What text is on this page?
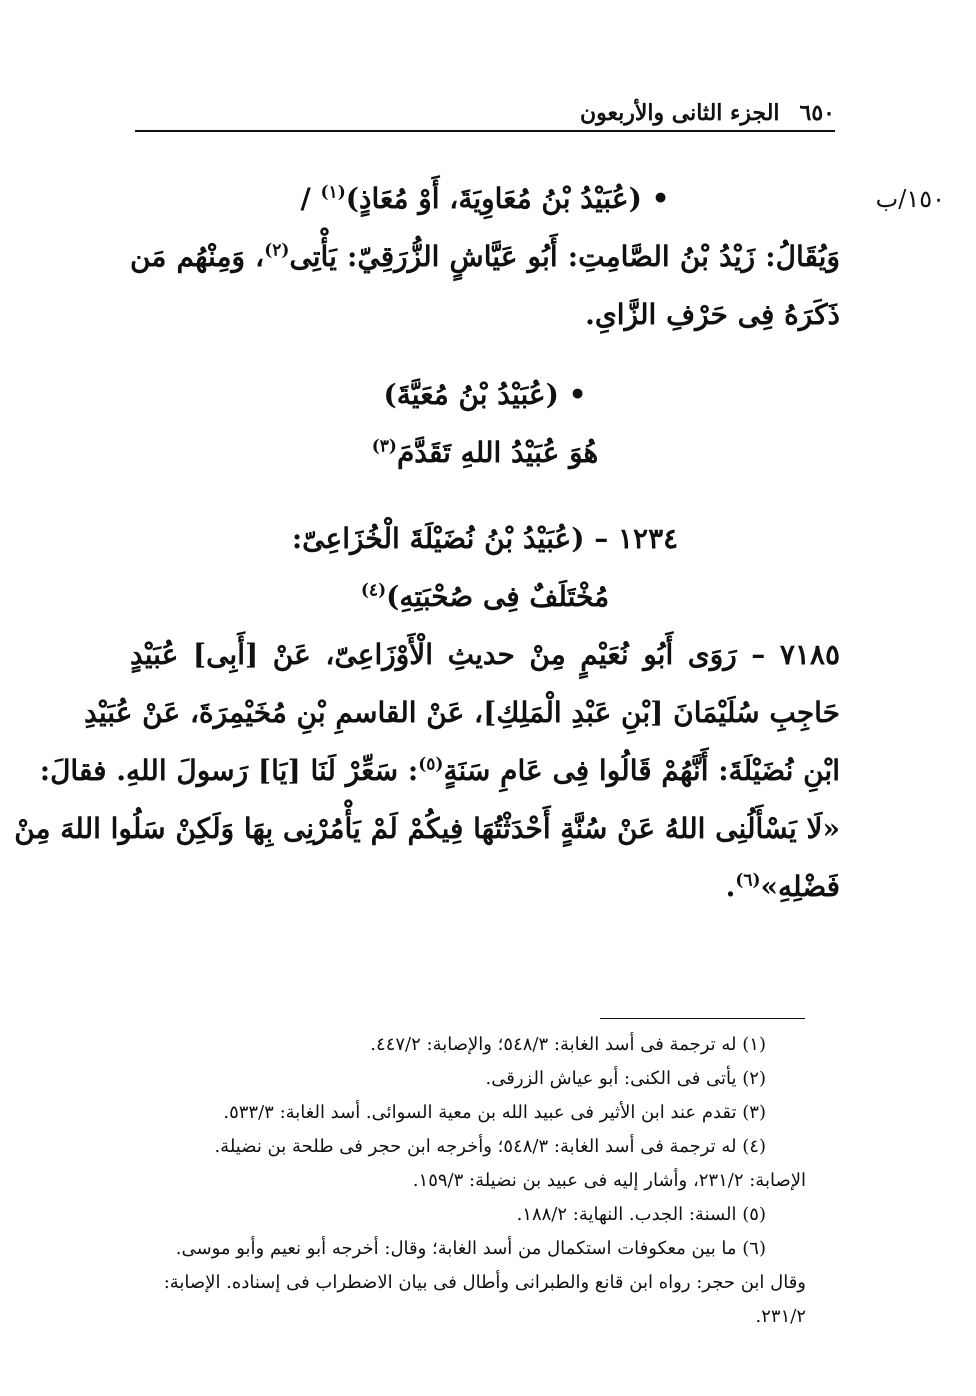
٦٥٠
الجزء الثانى والأربعون
١٥٠/ب
• (عُبَيْدُ بْنُ مُعَاوِيَةَ، أَوْ مُعَاذٍ)$^{(١)}$ /
وَيُقَالُ: زَيْدُ بْنُ الصَّامِتِ: أَبُو عَيَّاشٍ الزُّرَقِيّ: يَأْتِى$^{(٢)}$، وَمِنْهُم مَن
ذَكَرَهُ فِى حَرْفِ الزَّاىِ.
• (عُبَيْدُ بْنُ مُعَيَّةَ)
هُوَ عُبَيْدُ اللهِ تَقَدَّمَ$^{(٣)}$
١٢٣٤ – (عُبَيْدُ بْنُ نُضَيْلَةَ الْخُزَاعِىّ:
مُخْتَلَفٌ فِى صُحْبَتِهِ)$^{(٤)}$
٧١٨٥ – رَوَى أَبُو نُعَيْمٍ مِنْ حديثِ الْأَوْزَاعِىّ، عَنْ [أَبِى] عُبَيْدٍ
حَاجِبِ سُلَيْمَانَ [بْنِ عَبْدِ الْمَلِكِ]، عَنْ القاسمِ بْنِ مُخَيْمِرَةَ، عَنْ عُبَيْدِ
ابْنِ نُضَيْلَةَ: أَنَّهُمْ قَالُوا فِى عَامِ سَنَةٍ$^{(٥)}$: سَعِّرْ لَنَا [يَا] رَسولَ اللهِ. فقالَ:
«لَا يَسْأَلُنِى اللهُ عَنْ سُنَّةٍ أَحْدَثْتُهَا فِيكُمْ لَمْ يَأْمُرْنِى بِهَا وَلَكِنْ سَلُوا اللهَ مِنْ
فَضْلِهِ»$^{(٦)}$.
(١) له ترجمة فى أسد الغابة: ٥٤٨/٣؛ والإصابة: ٤٤٧/٢.
(٢) يأتى فى الكنى: أبو عياش الزرقى.
(٣) تقدم عند ابن الأثير فى عبيد الله بن معية السوائى. أسد الغابة: ٥٣٣/٣.
(٤) له ترجمة فى أسد الغابة: ٥٤٨/٣؛ وأخرجه ابن حجر فى طلحة بن نضيلة.
الإصابة: ٢٣١/٢، وأشار إليه فى عبيد بن نضيلة: ١٥٩/٣.
(٥) السنة: الجدب. النهاية: ١٨٨/٢.
(٦) ما بين معكوفات استكمال من أسد الغابة؛ وقال: أخرجه أبو نعيم وأبو موسى.
وقال ابن حجر: رواه ابن قانع والطبرانى وأطال فى بيان الاضطراب فى إسناده. الإصابة:
٢٣١/٢.
